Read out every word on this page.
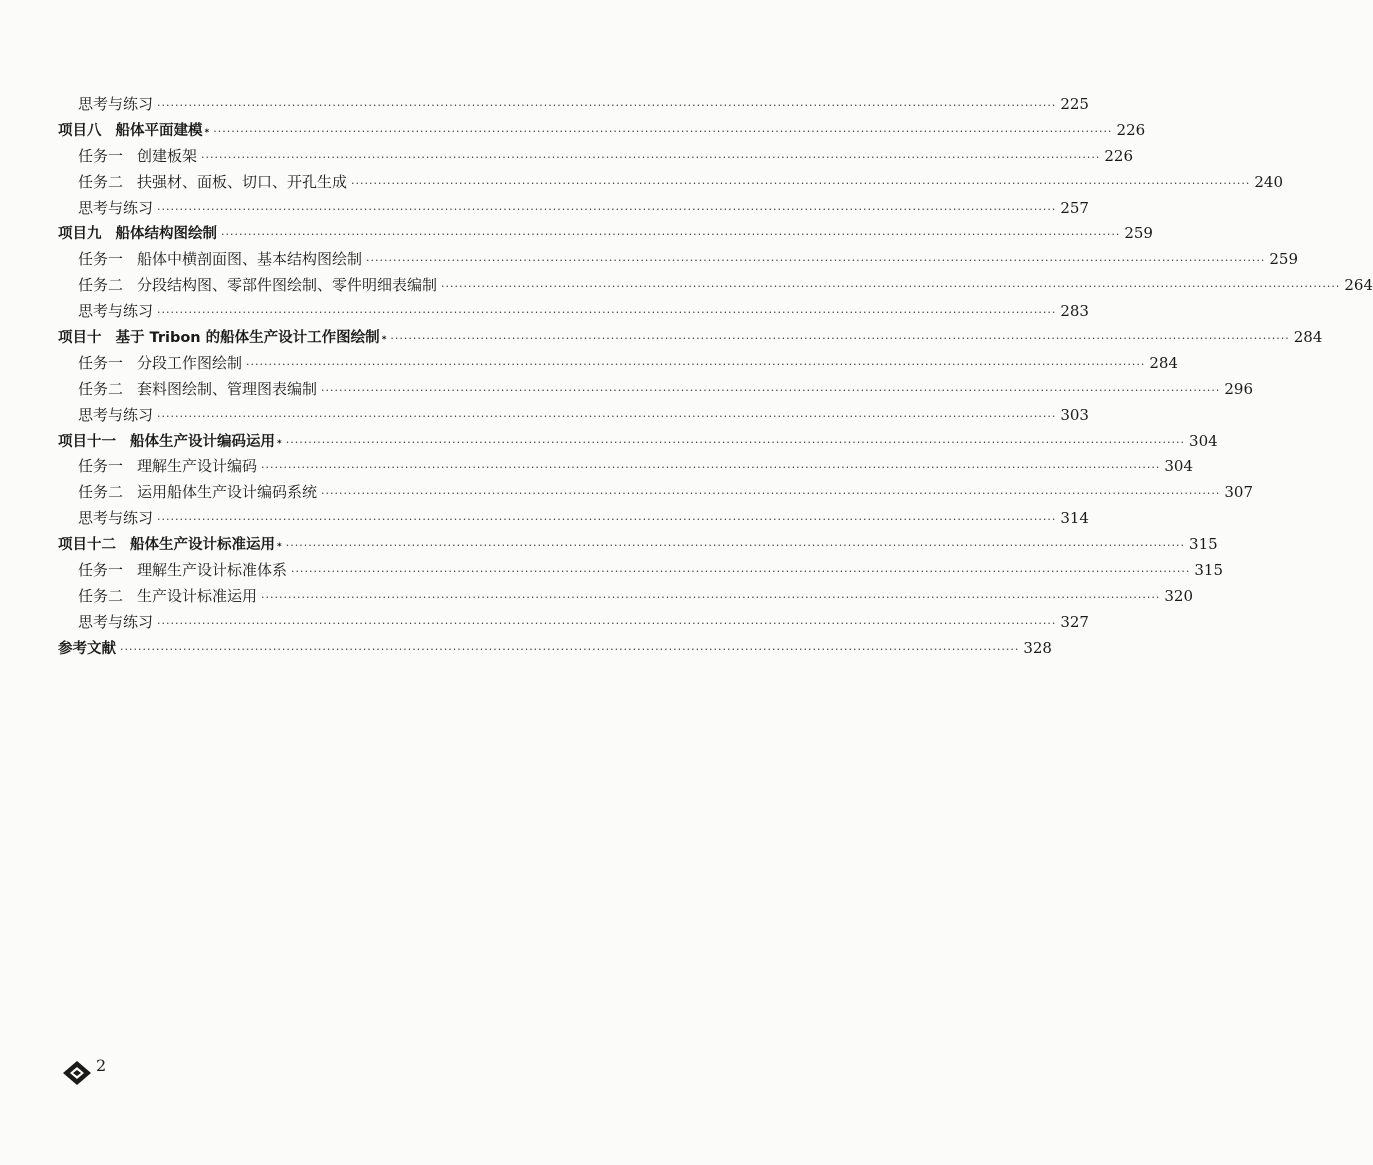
思考与练习 ········································································································································································································ 225
项目八 船体平面建模 * ········································································································································································································ 226
任务一 创建板架 ········································································································································································································ 226
任务二 扶强材、面板、切口、开孔生成 ········································································································································································································ 240
思考与练习 ········································································································································································································ 257
项目九 船体结构图绘制 ········································································································································································································ 259
任务一 船体中横剖面图、基本结构图绘制 ········································································································································································································ 259
任务二 分段结构图、零部件图绘制、零件明细表编制 ········································································································································································································ 264
思考与练习 ········································································································································································································ 283
项目十 基于 Tribon 的船体生产设计工作图绘制 * ········································································································································································································ 284
任务一 分段工作图绘制 ········································································································································································································ 284
任务二 套料图绘制、管理图表编制 ········································································································································································································ 296
思考与练习 ········································································································································································································ 303
项目十一 船体生产设计编码运用 * ········································································································································································································ 304
任务一 理解生产设计编码 ········································································································································································································ 304
任务二 运用船体生产设计编码系统 ········································································································································································································ 307
思考与练习 ········································································································································································································ 314
项目十二 船体生产设计标准运用 * ········································································································································································································ 315
任务一 理解生产设计标准体系 ········································································································································································································ 315
任务二 生产设计标准运用 ········································································································································································································ 320
思考与练习 ········································································································································································································ 327
参考文献 ········································································································································································································ 328
2
